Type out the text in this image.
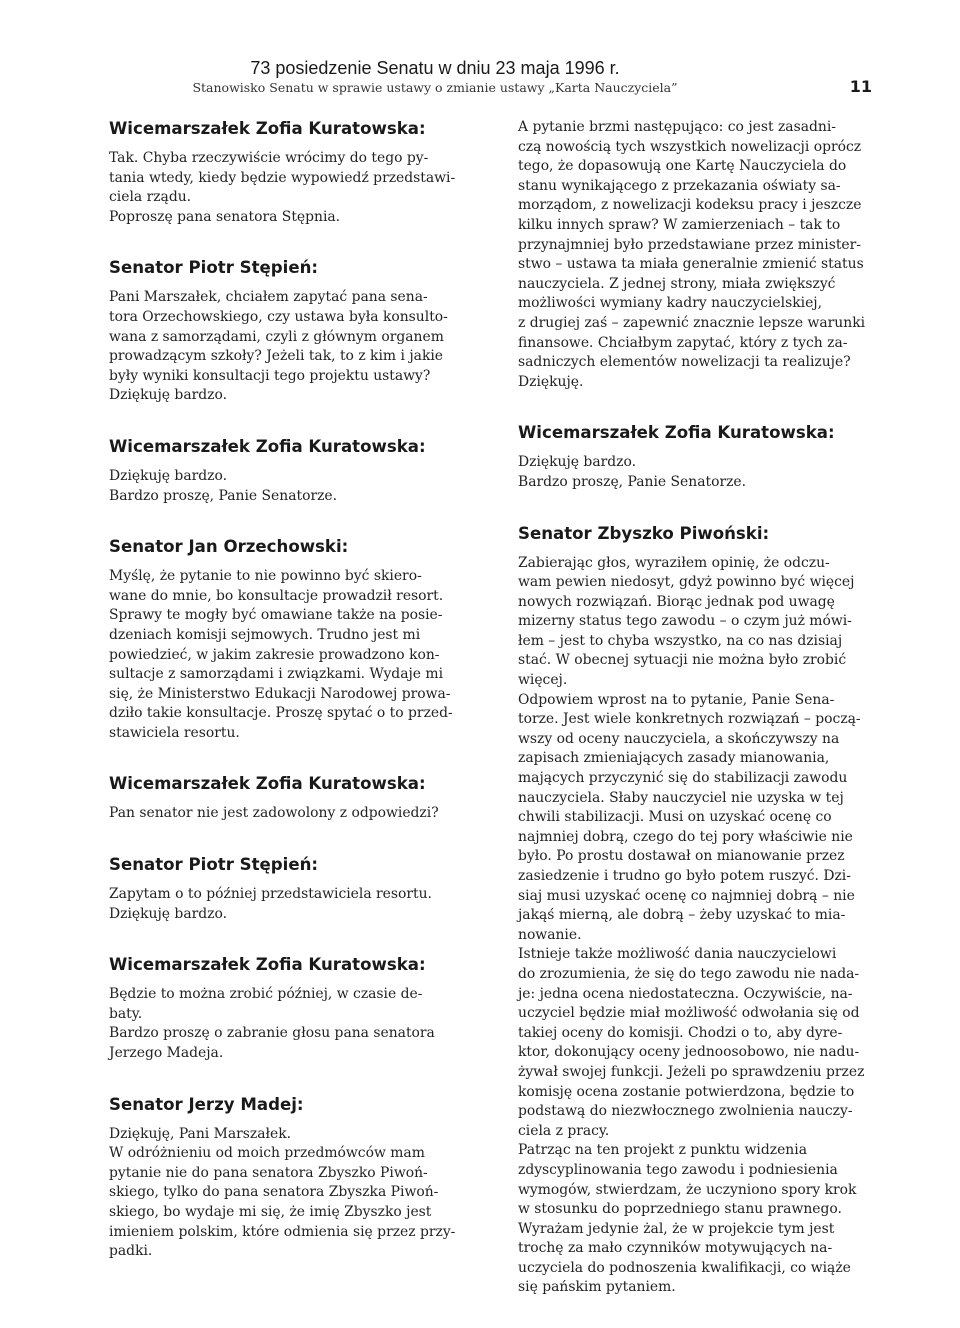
73 posiedzenie Senatu w dniu 23 maja 1996 r.
Stanowisko Senatu w sprawie ustawy o zmianie ustawy „Karta Nauczyciela”	11
Wicemarszałek Zofia Kuratowska:

Tak. Chyba rzeczywiście wrócimy do tego py-
tania wtedy, kiedy będzie wypowiedź przedstawi-
ciela rządu.

Poproszę pana senatora Stępnia.

Senator Piotr Stępień:

Pani Marszałek, chciałem zapytać pana sena-
tora Orzechowskiego, czy ustawa była konsulto-
wana z samorządami, czyli z głównym organem
prowadzącym szkoły? Jeżeli tak, to z kim i jakie
były wyniki konsultacji tego projektu ustawy?
Dziękuję bardzo.

Wicemarszałek Zofia Kuratowska:

Dziękuję bardzo.

Bardzo proszę, Panie Senatorze.

Senator Jan Orzechowski:

Myślę, że pytanie to nie powinno być skiero-
wane do mnie, bo konsultacje prowadził resort.
Sprawy te mogły być omawiane także na posie-
dzeniach komisji sejmowych. Trudno jest mi
powiedzieć, w jakim zakresie prowadzono kon-
sultacje z samorządami i związkami. Wydaje mi
się, że Ministerstwo Edukacji Narodowej prowa-
dziło takie konsultacje. Proszę spytać o to przed-
stawiciela resortu.

Wicemarszałek Zofia Kuratowska:

Pan senator nie jest zadowolony z odpowiedzi?

Senator Piotr Stępień:

Zapytam o to później przedstawiciela resortu.
Dziękuję bardzo.

Wicemarszałek Zofia Kuratowska:

Będzie to można zrobić później, w czasie de-
baty.

Bardzo proszę o zabranie głosu pana senatora
Jerzego Madeja.

Senator Jerzy Madej:

Dziękuję, Pani Marszałek.

W odróżnieniu od moich przedmówców mam
pytanie nie do pana senatora Zbyszko Piwoń-
skiego, tylko do pana senatora Zbyszka Piwoń-
skiego, bo wydaje mi się, że imię Zbyszko jest
imieniem polskim, które odmienia się przez przy-
padki.

A pytanie brzmi następująco: co jest zasadni-
czą nowością tych wszystkich nowelizacji oprócz
tego, że dopasowują one Kartę Nauczyciela do
stanu wynikającego z przekazania oświaty sa-
morządom, z nowelizacji kodeksu pracy i jeszcze
kilku innych spraw? W zamierzeniach – tak to
przynajmniej było przedstawiane przez minister-
stwo – ustawa ta miała generalnie zmienić status
nauczyciela. Z jednej strony, miała zwiększyć
możliwości wymiany kadry nauczycielskiej,
z drugiej zaś – zapewnić znacznie lepsze warunki
finansowe. Chciałbym zapytać, który z tych za-
sadniczych elementów nowelizacji ta realizuje?
Dziękuję.

Wicemarszałek Zofia Kuratowska:

Dziękuję bardzo.

Bardzo proszę, Panie Senatorze.

Senator Zbyszko Piwoński:

Zabierając głos, wyraziłem opinię, że odczu-
wam pewien niedosyt, gdyż powinno być więcej
nowych rozwiązań. Biorąc jednak pod uwagę
mizerny status tego zawodu – o czym już mówi-
łem – jest to chyba wszystko, na co nas dzisiaj
stać. W obecnej sytuacji nie można było zrobić
więcej.

Odpowiem wprost na to pytanie, Panie Sena-
torze. Jest wiele konkretnych rozwiązań – począ-
wszy od oceny nauczyciela, a skończywszy na
zapisach zmieniających zasady mianowania,
mających przyczynić się do stabilizacji zawodu
nauczyciela. Słaby nauczyciel nie uzyska w tej
chwili stabilizacji. Musi on uzyskać ocenę co
najmniej dobrą, czego do tej pory właściwie nie
było. Po prostu dostawał on mianowanie przez
zasiedzenie i trudno go było potem ruszyć. Dzi-
siaj musi uzyskać ocenę co najmniej dobrą – nie
jakąś mierną, ale dobrą – żeby uzyskać to mia-
nowanie.

Istnieje także możliwość dania nauczycielowi
do zrozumienia, że się do tego zawodu nie nada-
je: jedna ocena niedostateczna. Oczywiście, na-
uczyciel będzie miał możliwość odwołania się od
takiej oceny do komisji. Chodzi o to, aby dyre-
ktor, dokonujący oceny jednoosobowo, nie nadu-
żywał swojej funkcji. Jeżeli po sprawdzeniu przez
komisję ocena zostanie potwierdzona, będzie to
podstawą do niezwłocznego zwolnienia nauczy-
ciela z pracy.

Patrząc na ten projekt z punktu widzenia
zdyscyplinowania tego zawodu i podniesienia
wymogów, stwierdzam, że uczyniono spory krok
w stosunku do poprzedniego stanu prawnego.
Wyrażam jedynie żal, że w projekcie tym jest
trochę za mało czynników motywujących na-
uczyciela do podnoszenia kwalifikacji, co wiąże
się pańskim pytaniem.
